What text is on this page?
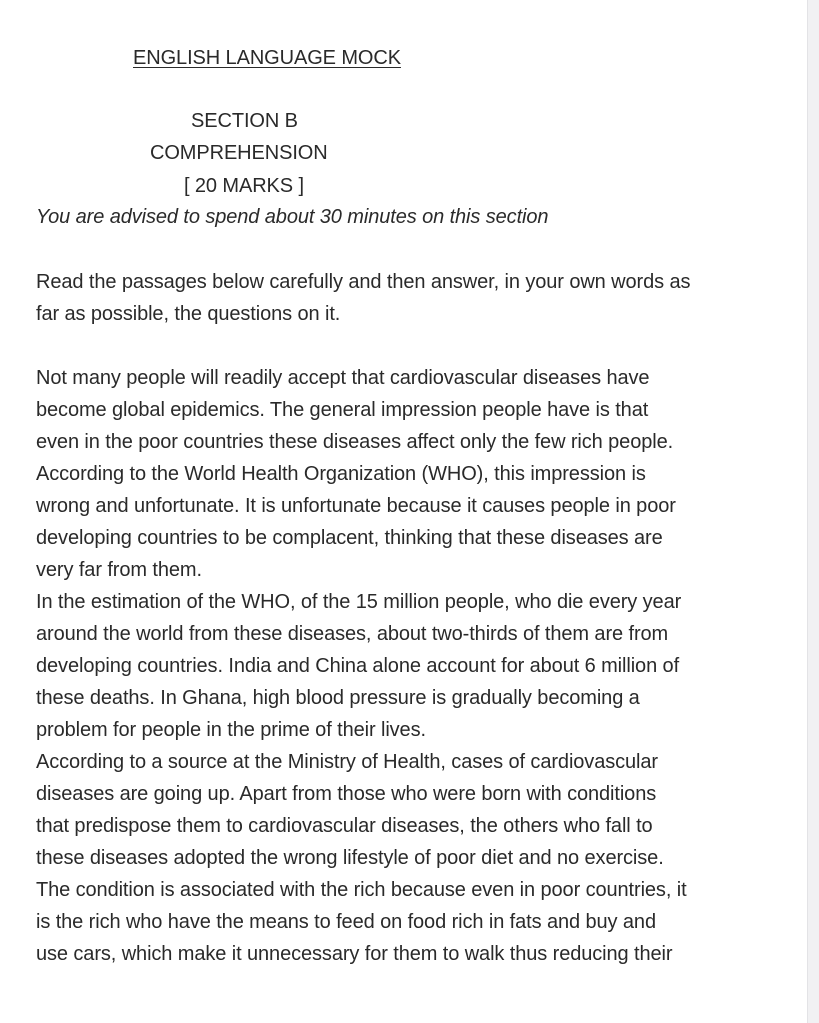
ENGLISH LANGUAGE MOCK
SECTION B
COMPREHENSION
[ 20 MARKS ]
You are advised to spend about 30 minutes on this section
Read the passages below carefully and then answer, in your own words as
far as possible, the questions on it.
Not many people will readily accept that cardiovascular diseases have
become global epidemics. The general impression people have is that
even in the poor countries these diseases affect only the few rich people.
According to the World Health Organization (WHO), this impression is
wrong and unfortunate. It is unfortunate because it causes people in poor
developing countries to be complacent, thinking that these diseases are
very far from them.
In the estimation of the WHO, of the 15 million people, who die every year
around the world from these diseases, about two-thirds of them are from
developing countries. India and China alone account for about 6 million of
these deaths. In Ghana, high blood pressure is gradually becoming a
problem for people in the prime of their lives.
According to a source at the Ministry of Health, cases of cardiovascular
diseases are going up. Apart from those who were born with conditions
that predispose them to cardiovascular diseases, the others who fall to
these diseases adopted the wrong lifestyle of poor diet and no exercise.
The condition is associated with the rich because even in poor countries, it
is the rich who have the means to feed on food rich in fats and buy and
use cars, which make it unnecessary for them to walk thus reducing their
